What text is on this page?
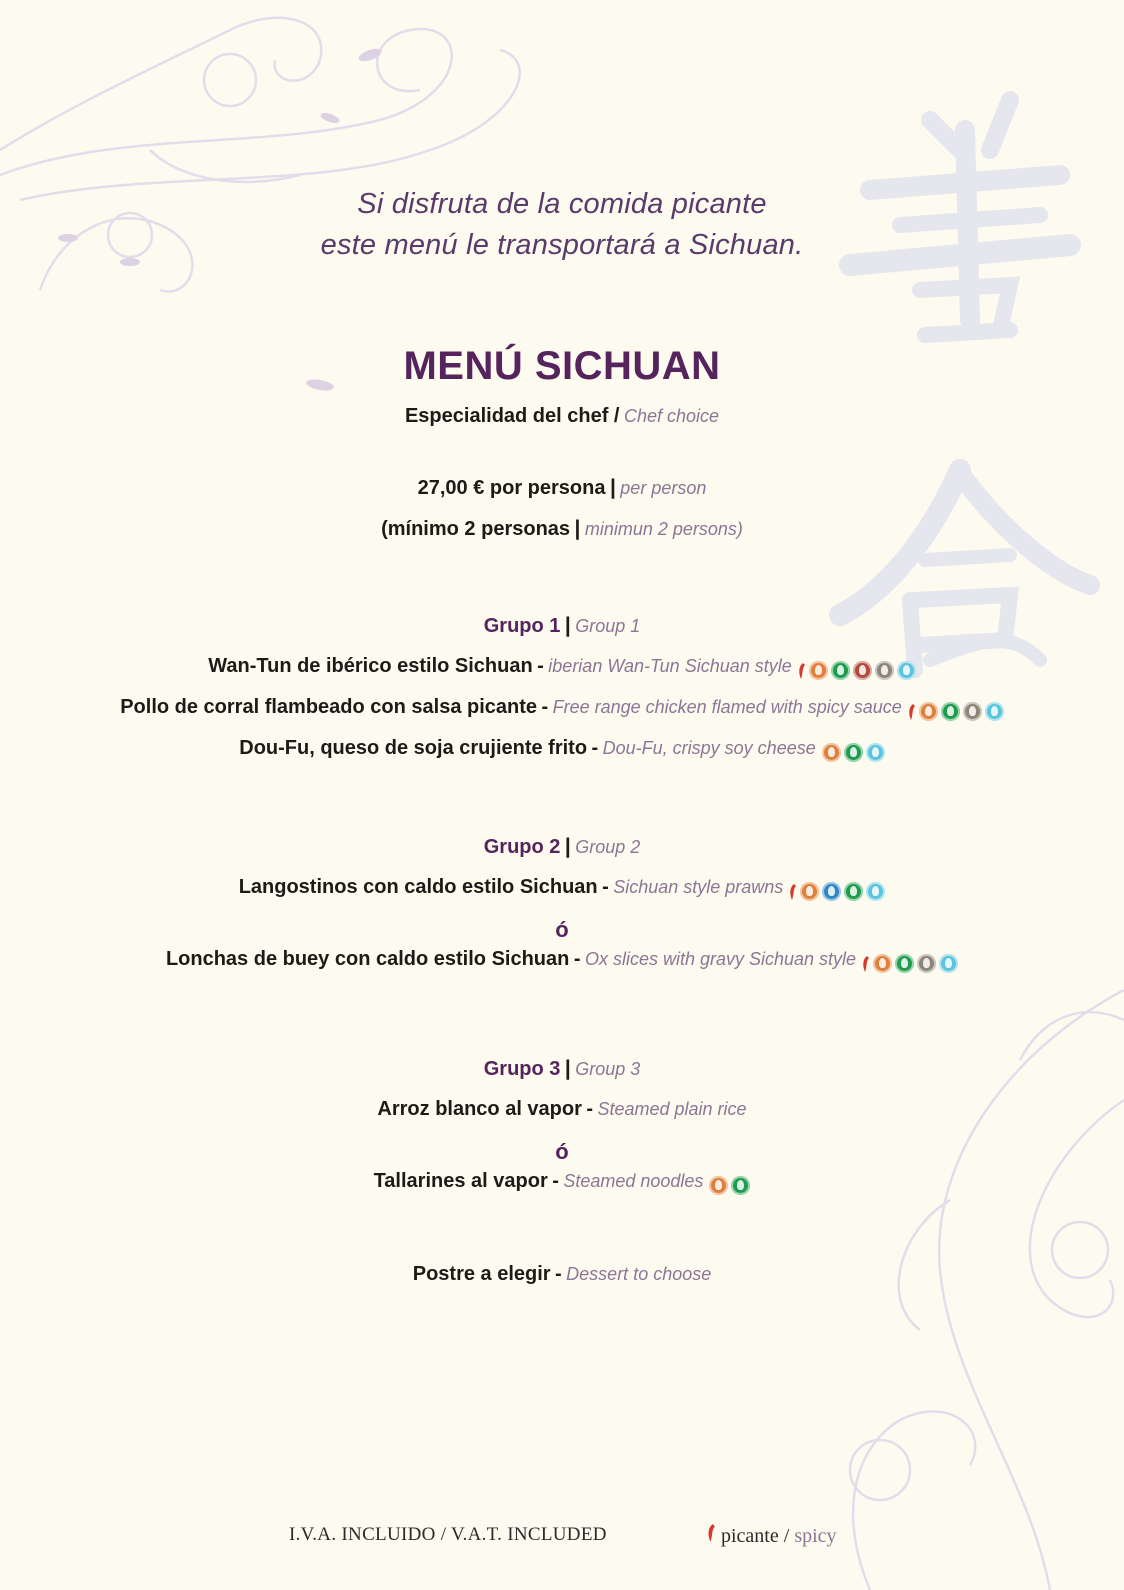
Si disfruta de la comida picante
este menú le transportará a Sichuan.
MENÚ SICHUAN
Especialidad del chef / Chef choice
27,00 € por persona | per person
(mínimo 2 personas | minimun 2 persons)
Grupo 1 | Group 1
Wan-Tun de ibérico estilo Sichuan - iberian Wan-Tun Sichuan style
Pollo de corral flambeado con salsa picante - Free range chicken flamed with spicy sauce
Dou-Fu, queso de soja crujiente frito - Dou-Fu, crispy soy cheese
Grupo 2 | Group 2
Langostinos con caldo estilo Sichuan - Sichuan style prawns
ó
Lonchas de buey con caldo estilo Sichuan - Ox slices with gravy Sichuan style
Grupo 3 | Group 3
Arroz blanco al vapor - Steamed plain rice
ó
Tallarines al vapor - Steamed noodles
Postre a elegir - Dessert to choose
I.V.A. INCLUIDO / V.A.T. INCLUDED	picante / spicy
